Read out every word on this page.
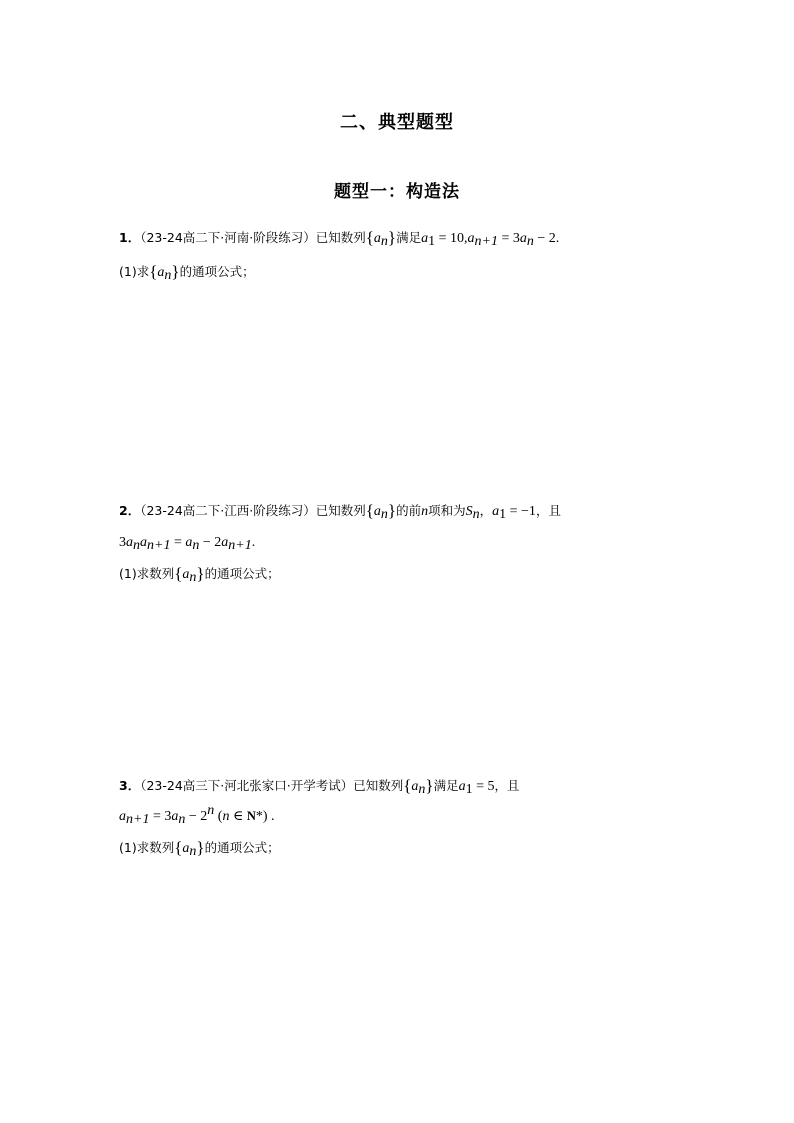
二、典型题型
题型一：构造法
1．（23-24高二下·河南·阶段练习）已知数列$\{a_n\}$满足$a_1 = 10,a_{n+1} = 3a_n - 2$.
(1)求$\{a_n\}$的通项公式；
2．（23-24高二下·江西·阶段练习）已知数列$\{a_n\}$的前n项和为$S_n$，$a_1 = -1$，且
$3a_na_{n+1} = a_n - 2a_{n+1}$.
(1)求数列$\{a_n\}$的通项公式；
3．（23-24高三下·河北张家口·开学考试）已知数列$\{a_n\}$满足$a_1 = 5$，且
$a_{n+1} = 3a_n - 2^n$ (n ∈ N*) .
(1)求数列$\{a_n\}$的通项公式；
